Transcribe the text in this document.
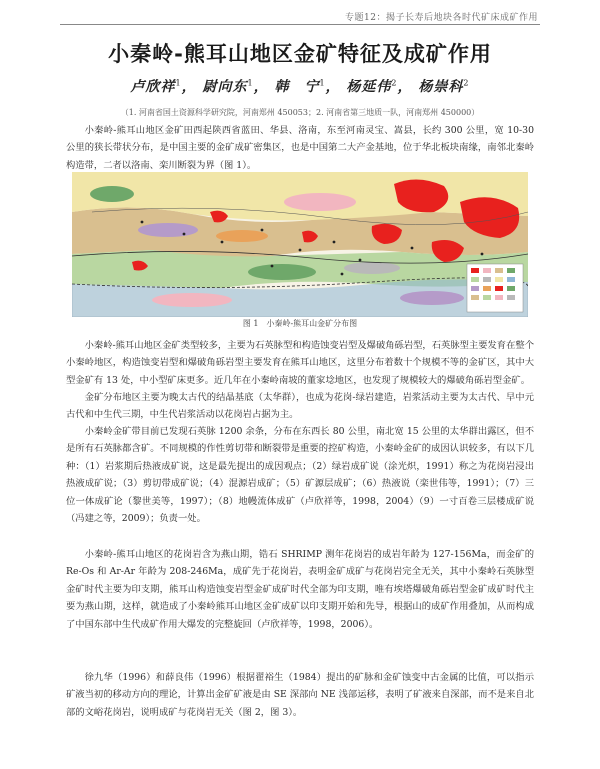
专题12：揭子长寿后地块各时代矿床成矿作用
小秦岭-熊耳山地区金矿特征及成矿作用
卢欣祥$^1$， 尉向东$^1$， 韩　宁$^1$， 杨延伟$^2$， 杨崇科$^2$
（1. 河南省国土资源科学研究院，河南郑州 450053；2. 河南省第三地质一队，河南郑州 450000）

小秦岭-熊耳山地区金矿田西起陕西省蓝田、华县、洛南，东至河南灵宝、嵩县，长约 300 公里，宽 10-30 公里的狭长带状分布，是中国主要的金矿成矿密集区，也是中国第二大产金基地，位于华北板块南缘，南邻北秦岭构造带，二者以洛南、栾川断裂为界（图 1）。

图 1　小秦岭-熊耳山金矿分布图

小秦岭-熊耳山地区金矿类型较多，主要为石英脉型和构造蚀变岩型及爆破角砾岩型，石英脉型主要发育在整个小秦岭地区，构造蚀变岩型和爆破角砾岩型主要发育在熊耳山地区，这里分布着数十个规模不等的金矿区，其中大型金矿有 13 处，中小型矿床更多。近几年在小秦岭南坡的董家埝地区，也发现了规模较大的爆破角砾岩型金矿。

金矿分布地区主要为晚太古代的结晶基底（太华群），也成为花岗-绿岩建造，岩浆活动主要为太古代、早中元古代和中生代三期，中生代岩浆活动以花岗岩占据为主。

小秦岭金矿带目前已发现石英脉 1200 余条，分布在东西长 80 公里，南北宽 15 公里的太华群出露区，但不是所有石英脉都含矿。不同规模的作性剪切带和断裂带是重要的控矿构造，小秦岭金矿的成因认识较多，有以下几种：（1）岩浆期后热液成矿说，这是最先提出的成因观点；（2）绿岩成矿说（涂光炽，1991）称之为花岗岩浸出热液成矿说；（3）剪切带成矿说；（4）混源岩成矿；（5）矿源层成矿；（6）热液说（栾世伟等，1991）；（7）三位一体成矿论（黎世美等，1997）；（8）地幔流体成矿（卢欣祥等，1998，2004）（9）一寸百卷三层楼成矿说（冯建之等，2009）；负责一处。

小秦岭-熊耳山地区的花岗岩含为燕山期，锆石 SHRIMP 测年花岗岩的成岩年龄为 127-156Ma，而金矿的 Re-Os 和 Ar-Ar 年龄为 208-246Ma，成矿先于花岗岩，表明金矿成矿与花岗岩完全无关，其中小秦岭石英脉型金矿时代主要为印支期，熊耳山构造蚀变岩型金矿成矿时代全部为印支期，唯有埃塔爆破角砾岩型金矿成矿时代主要为燕山期，这样，就造成了小秦岭熊耳山地区金矿成矿以印支期开始和先导，根据山的成矿作用叠加，从而构成了中国东部中生代成矿作用大爆发的完整旋回（卢欣祥等，1998，2006）。

徐九华（1996）和薛良伟（1996）根据翟裕生（1984）提出的矿脉和金矿蚀变中古金属的比值，可以指示矿液当初的移动方向的理论，计算出金矿矿液是由 SE 深部向 NE 浅部运移，表明了矿液来自深部，而不是来自北部的文峪花岗岩，说明成矿与花岗岩无关（图 2，图 3）。
